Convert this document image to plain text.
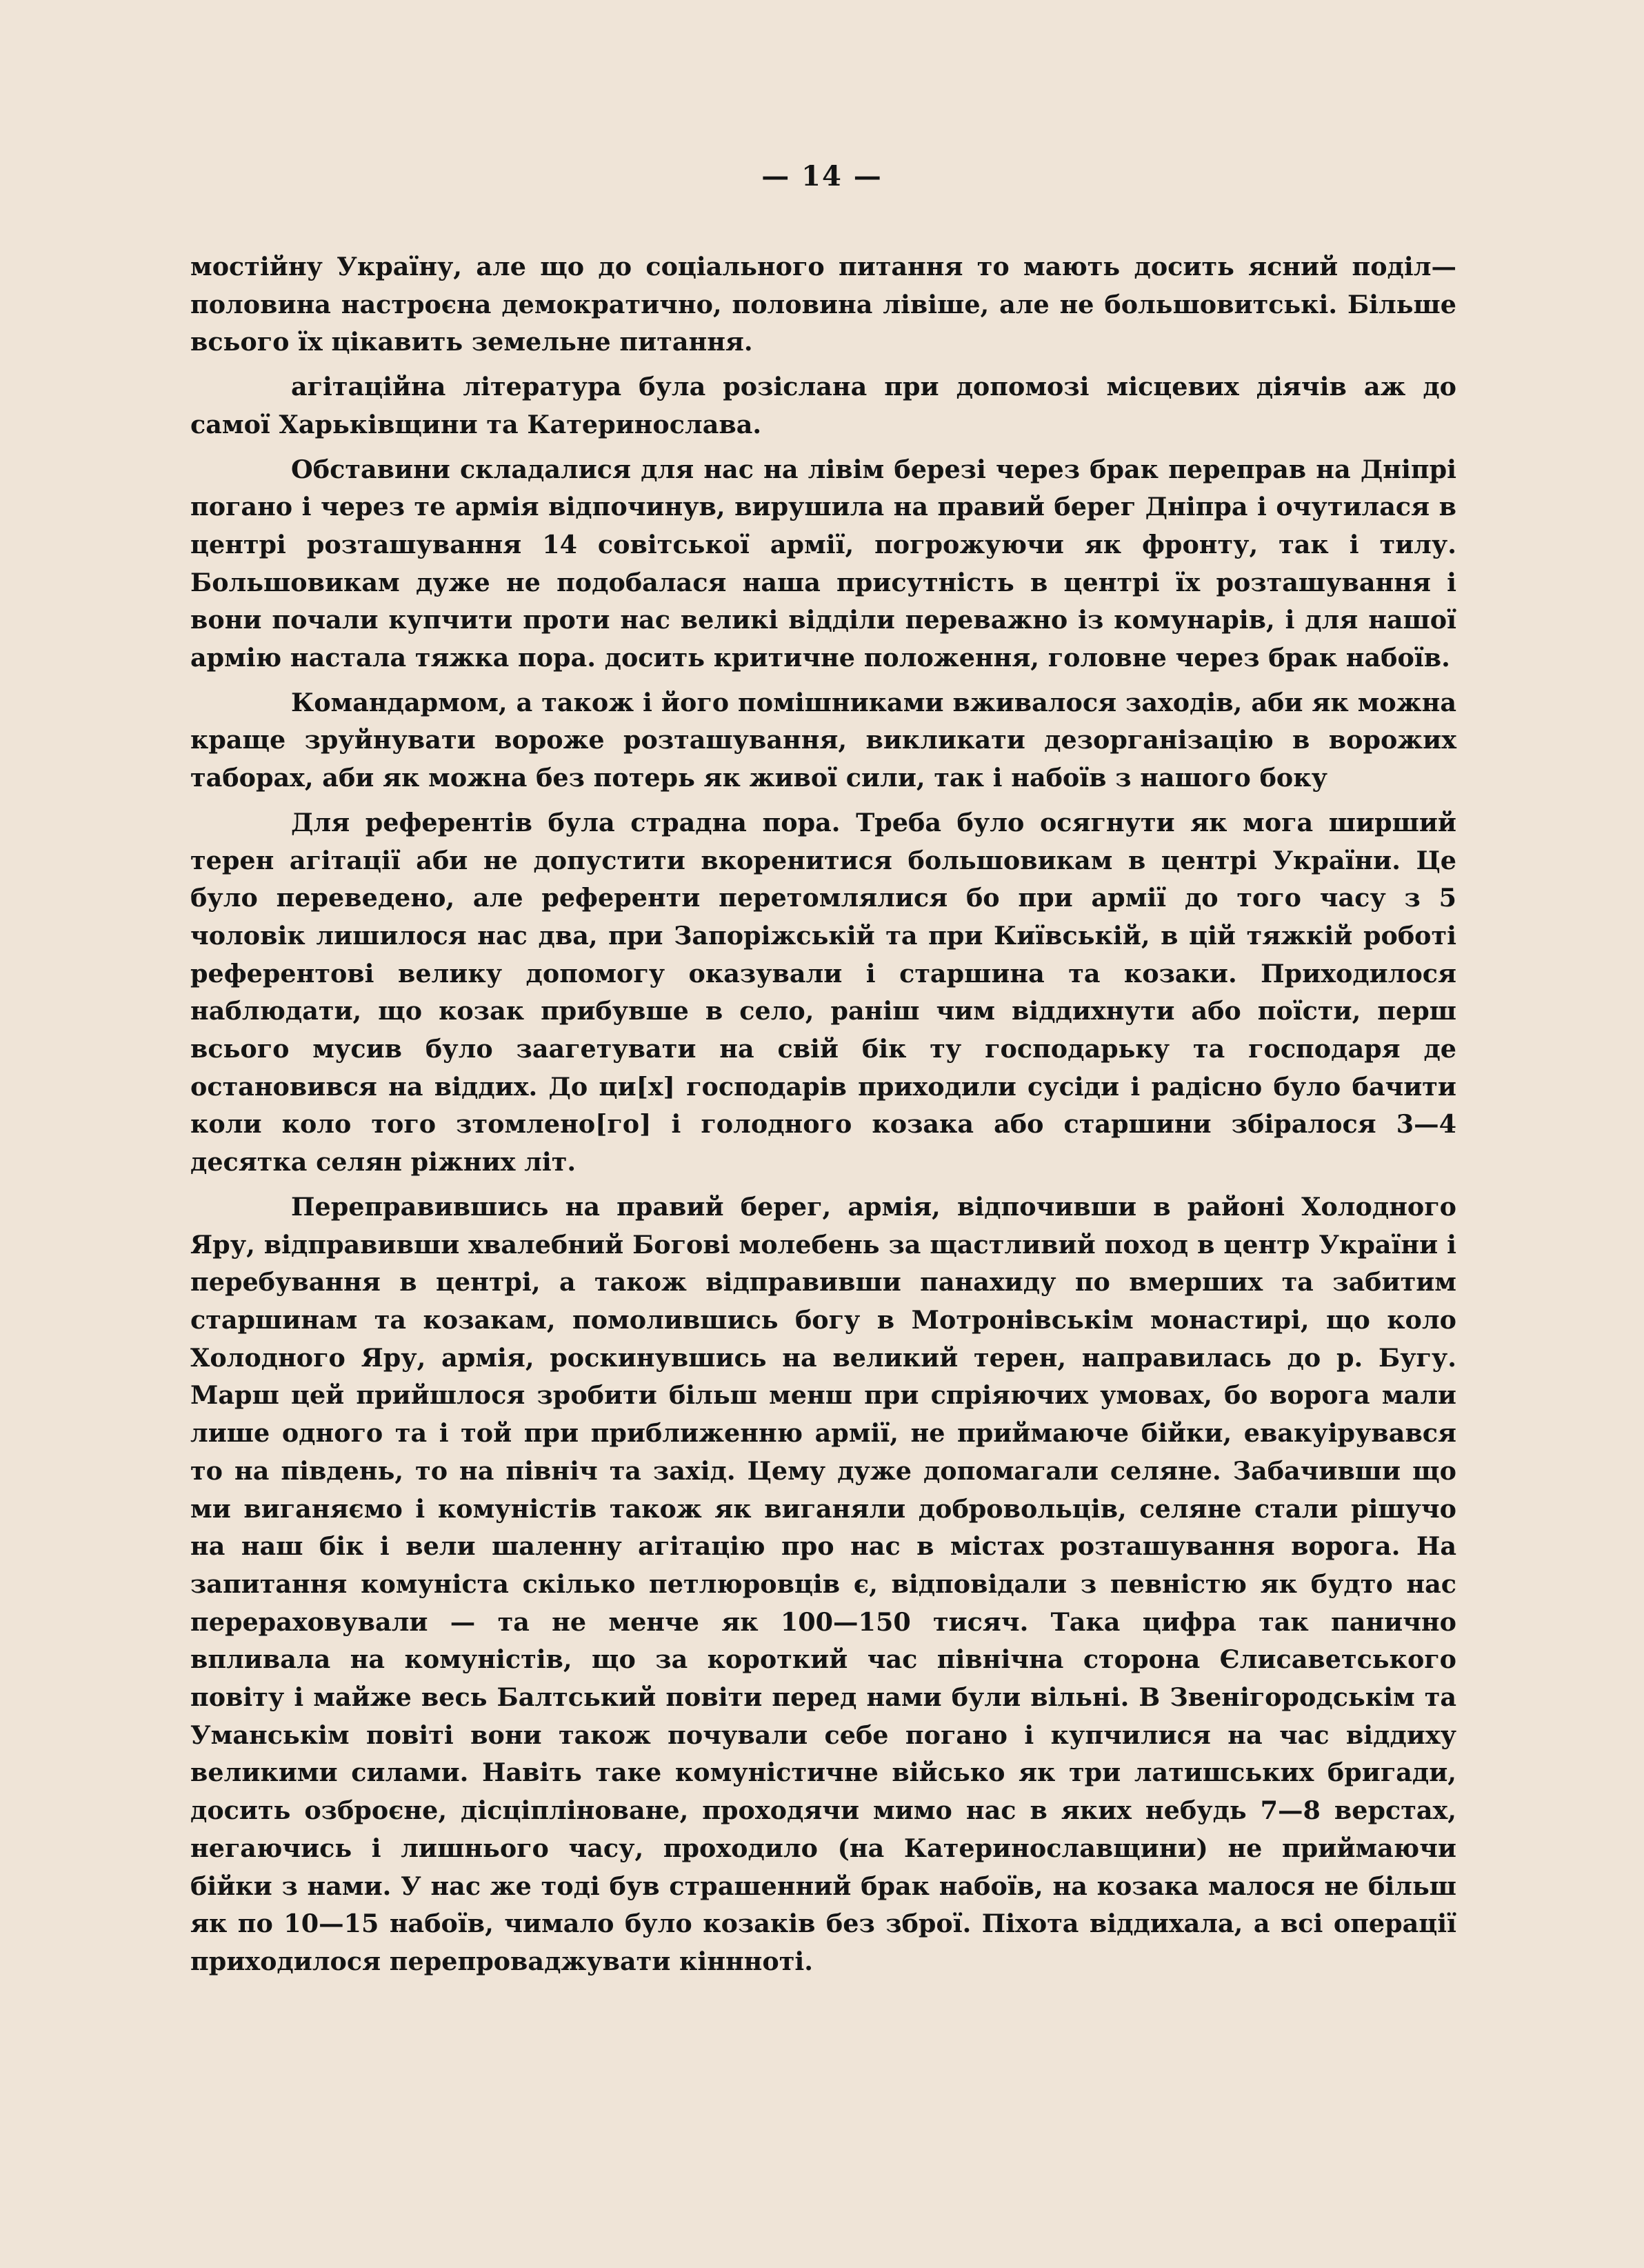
— 14 —

мостійну Україну, але що до соціального питання то мають досить ясний поділ— половина настроєна демократично, половина лівіше, але не большовитські. Більше всього їх цікавить земельне питання.

агітаційна література була розіслана при допомозі місцевих діячів аж до самої Харьківщини та Катеринослава.

Обставини складалися для нас на лівім березі через брак переправ на Дніпрі погано і через те армія відпочинув, вирушила на правий берег Дніпра і очутилася в центрі розташування 14 совітської армії, погрожуючи як фронту, так і тилу. Большовикам дуже не подобалася наша присутність в центрі їх розташування і вони почали купчити проти нас великі відділи переважно із комунарів, і для нашої армію настала тяжка пора. досить критичне положення, головне через брак набоїв.

Командармом, а також і його помішниками вживалося заходів, аби як можна краще зруйнувати вороже розташування, викликати дезорганізацію в ворожих таборах, аби як можна без потерь як живої сили, так і набоїв з нашого боку

Для референтів була страдна пора. Треба було осягнути як мога ширший терен агітації аби не допустити вкоренитися большовикам в центрі України. Це було переведено, але референти перетомлялися бо при армії до того часу з 5 чоловік лишилося нас два, при Запоріжській та при Київській, в цій тяжкій роботі референтові велику допомогу оказували і старшина та козаки. Приходилося наблюдати, що козак прибувше в село, раніш чим віддихнути або поїсти, перш всього мусив було заагетувати на свій бік ту господарьку та господаря де остановився на віддих. До ци[х] господарів приходили сусіди і радісно було бачити коли коло того зтомлено[го] і голодного козака або старшини збіралося 3—4 десятка селян ріжних літ.

Переправившись на правий берег, армія, відпочивши в районі Холодного Яру, відправивши хвалебний Богові молебень за щастливий поход в центр України і перебування в центрі, а також відправивши панахиду по вмерших та забитим старшинам та козакам, помолившись богу в Мотронівськім монастирі, що коло Холодного Яру, армія, роскинувшись на великий терен, направилась до р. Бугу. Марш цей прийшлося зробити більш менш при спріяючих умовах, бо ворога мали лише одного та і той при приближенню армії, не приймаюче бійки, евакуірувався то на південь, то на північ та захід. Цему дуже допомагали селяне. Забачивши що ми виганяємо і комуністів також як виганяли добровольців, селяне стали рішучо на наш бік і вели шаленну агітацію про нас в містах розташування ворога. На запитання комуніста скілько петлюровців є, відповідали з певністю як будто нас перераховували — та не менче як 100—150 тисяч. Така цифра так панично впливала на комуністів, що за короткий час північна сторона Єлисаветського повіту і майже весь Балтський повіти перед нами були вільні. В Звенігородськім та Уманськім повіті вони також почували себе погано і купчилися на час віддиху великими силами. Навіть таке комуністичне військо як три латишських бригади, досить озброєне, дісціпліноване, проходячи мимо нас в яких небудь 7—8 верстах, негаючись і лишнього часу, проходило (на Катеринославщини) не приймаючи бійки з нами. У нас же тоді був страшенний брак набоїв, на козака малося не більш як по 10—15 набоїв, чимало було козаків без зброї. Піхота віддихала, а всі операції приходилося перепроваджувати кіннноті.
